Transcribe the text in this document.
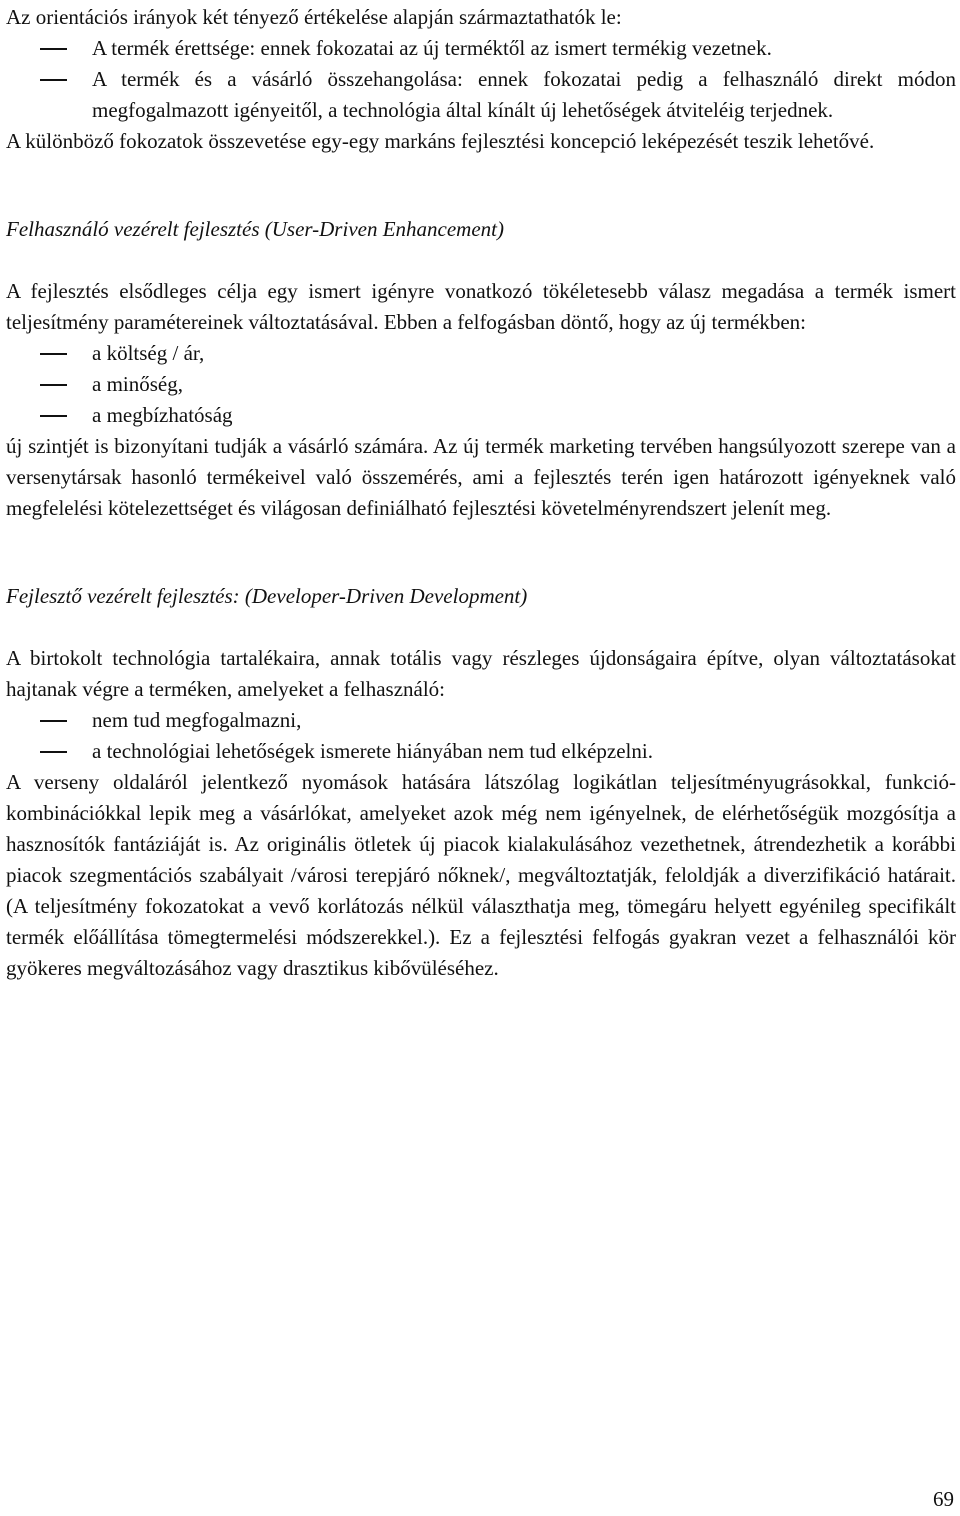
Az orientációs irányok két tényező értékelése alapján származtathatók le:

A termék érettsége: ennek fokozatai az új terméktől az ismert termékig vezetnek.
A termék és a vásárló összehangolása: ennek fokozatai pedig a felhasználó direkt módon megfogalmazott igényeitől, a technológia által kínált új lehetőségek átviteléig terjednek.

A különböző fokozatok összevetése egy-egy markáns fejlesztési koncepció leképezését teszik lehetővé.

Felhasználó vezérelt fejlesztés (User-Driven Enhancement)

A fejlesztés elsődleges célja egy ismert igényre vonatkozó tökéletesebb válasz megadása a termék ismert teljesítmény paramétereinek változtatásával. Ebben a felfogásban döntő, hogy az új termékben:

a költség / ár,
a minőség,
a megbízhatóság

új szintjét is bizonyítani tudják a vásárló számára. Az új termék marketing tervében hangsúlyozott szerepe van a versenytársak hasonló termékeivel való összemérés, ami a fejlesztés terén igen határozott igényeknek való megfelelési kötelezettséget és világosan definiálható fejlesztési követelményrendszert jelenít meg.

Fejlesztő vezérelt fejlesztés: (Developer-Driven Development)

A birtokolt technológia tartalékaira, annak totális vagy részleges újdonságaira építve, olyan változtatásokat hajtanak végre a terméken, amelyeket a felhasználó:

nem tud megfogalmazni,
a technológiai lehetőségek ismerete hiányában nem tud elképzelni.

A verseny oldaláról jelentkező nyomások hatására látszólag logikátlan teljesítményugrásokkal, funkció-kombinációkkal lepik meg a vásárlókat, amelyeket azok még nem igényelnek, de elérhetőségük mozgósítja a hasznosítók fantáziáját is. Az originális ötletek új piacok kialakulásához vezethetnek, átrendezhetik a korábbi piacok szegmentációs szabályait /városi terepjáró nőknek/, megváltoztatják, feloldják a diverzifikáció határait. (A teljesítmény fokozatokat a vevő korlátozás nélkül választhatja meg, tömegáru helyett egyénileg specifikált termék előállítása tömegtermelési módszerekkel.). Ez a fejlesztési felfogás gyakran vezet a felhasználói kör gyökeres megváltozásához vagy drasztikus kibővüléséhez.

69
